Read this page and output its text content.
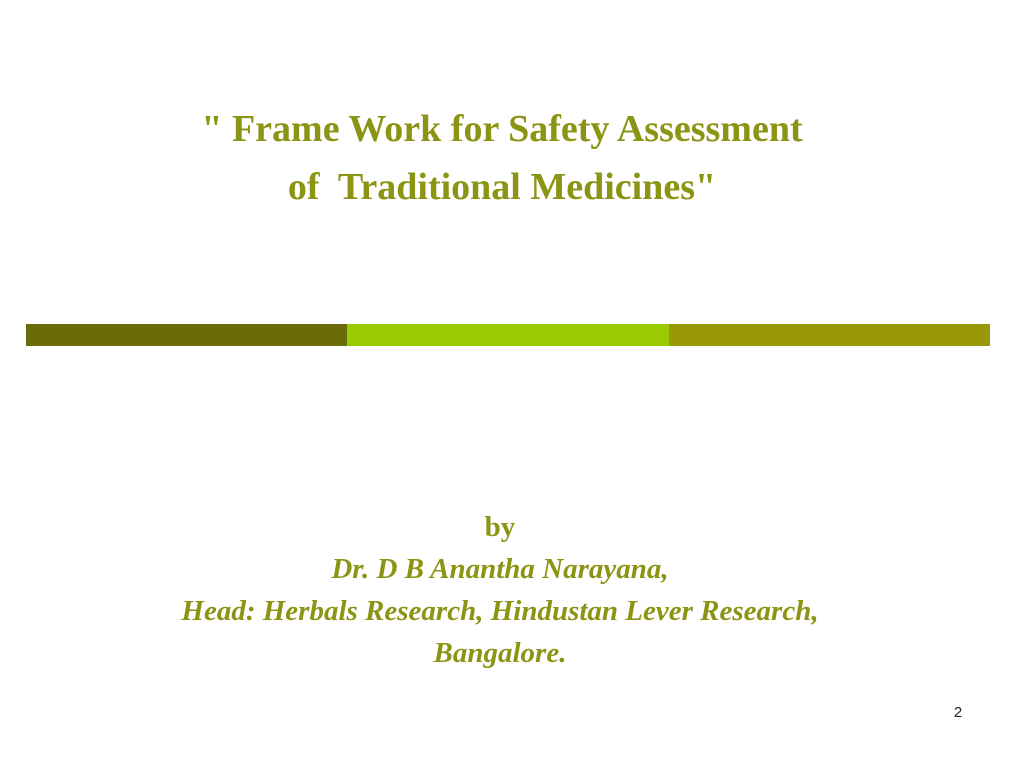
" Frame Work for Safety Assessment
of  Traditional Medicines"
by
Dr. D B Anantha Narayana,
Head: Herbals Research, Hindustan Lever Research,
Bangalore.
2
